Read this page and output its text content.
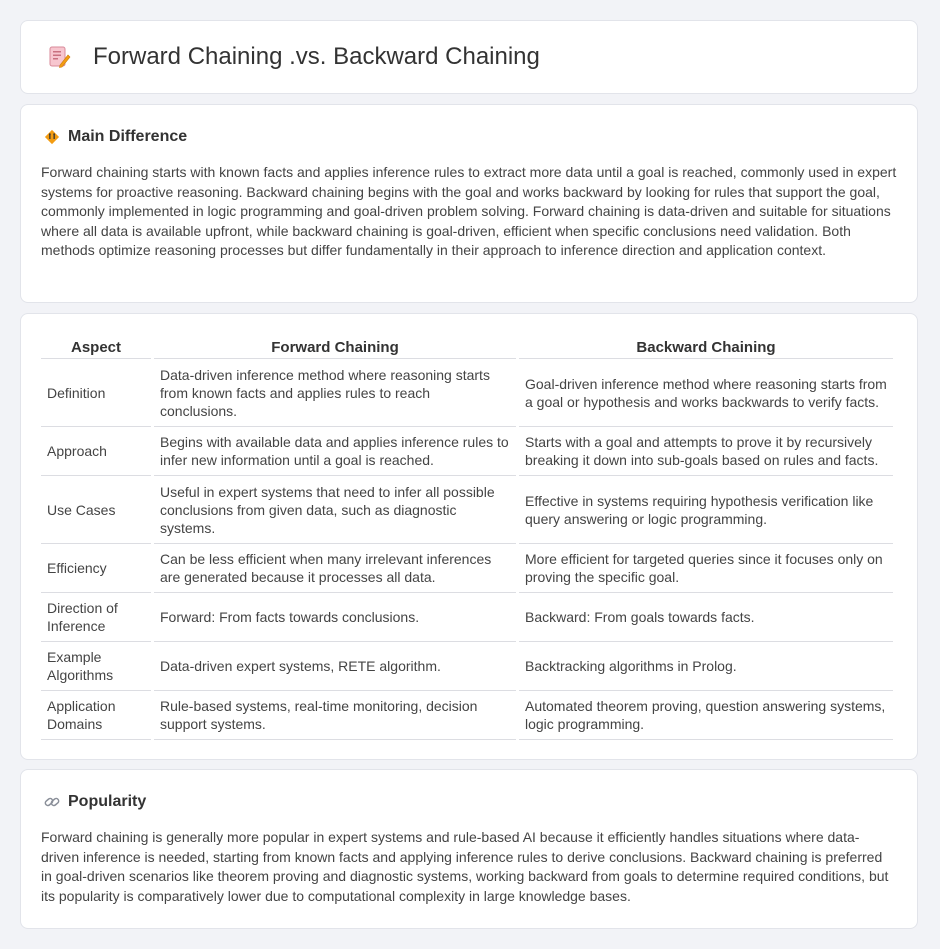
Forward Chaining .vs. Backward Chaining
Main Difference
Forward chaining starts with known facts and applies inference rules to extract more data until a goal is reached, commonly used in expert systems for proactive reasoning. Backward chaining begins with the goal and works backward by looking for rules that support the goal, commonly implemented in logic programming and goal-driven problem solving. Forward chaining is data-driven and suitable for situations where all data is available upfront, while backward chaining is goal-driven, efficient when specific conclusions need validation. Both methods optimize reasoning processes but differ fundamentally in their approach to inference direction and application context.
Aspect	Forward Chaining	Backward Chaining
Definition	Data-driven inference method where reasoning starts from known facts and applies rules to reach conclusions.	Goal-driven inference method where reasoning starts from a goal or hypothesis and works backwards to verify facts.
Approach	Begins with available data and applies inference rules to infer new information until a goal is reached.	Starts with a goal and attempts to prove it by recursively breaking it down into sub-goals based on rules and facts.
Use Cases	Useful in expert systems that need to infer all possible conclusions from given data, such as diagnostic systems.	Effective in systems requiring hypothesis verification like query answering or logic programming.
Efficiency	Can be less efficient when many irrelevant inferences are generated because it processes all data.	More efficient for targeted queries since it focuses only on proving the specific goal.
Direction of Inference	Forward: From facts towards conclusions.	Backward: From goals towards facts.
Example Algorithms	Data-driven expert systems, RETE algorithm.	Backtracking algorithms in Prolog.
Application Domains	Rule-based systems, real-time monitoring, decision support systems.	Automated theorem proving, question answering systems, logic programming.
Popularity
Forward chaining is generally more popular in expert systems and rule-based AI because it efficiently handles situations where data-driven inference is needed, starting from known facts and applying inference rules to derive conclusions. Backward chaining is preferred in goal-driven scenarios like theorem proving and diagnostic systems, working backward from goals to determine required conditions, but its popularity is comparatively lower due to computational complexity in large knowledge bases.
